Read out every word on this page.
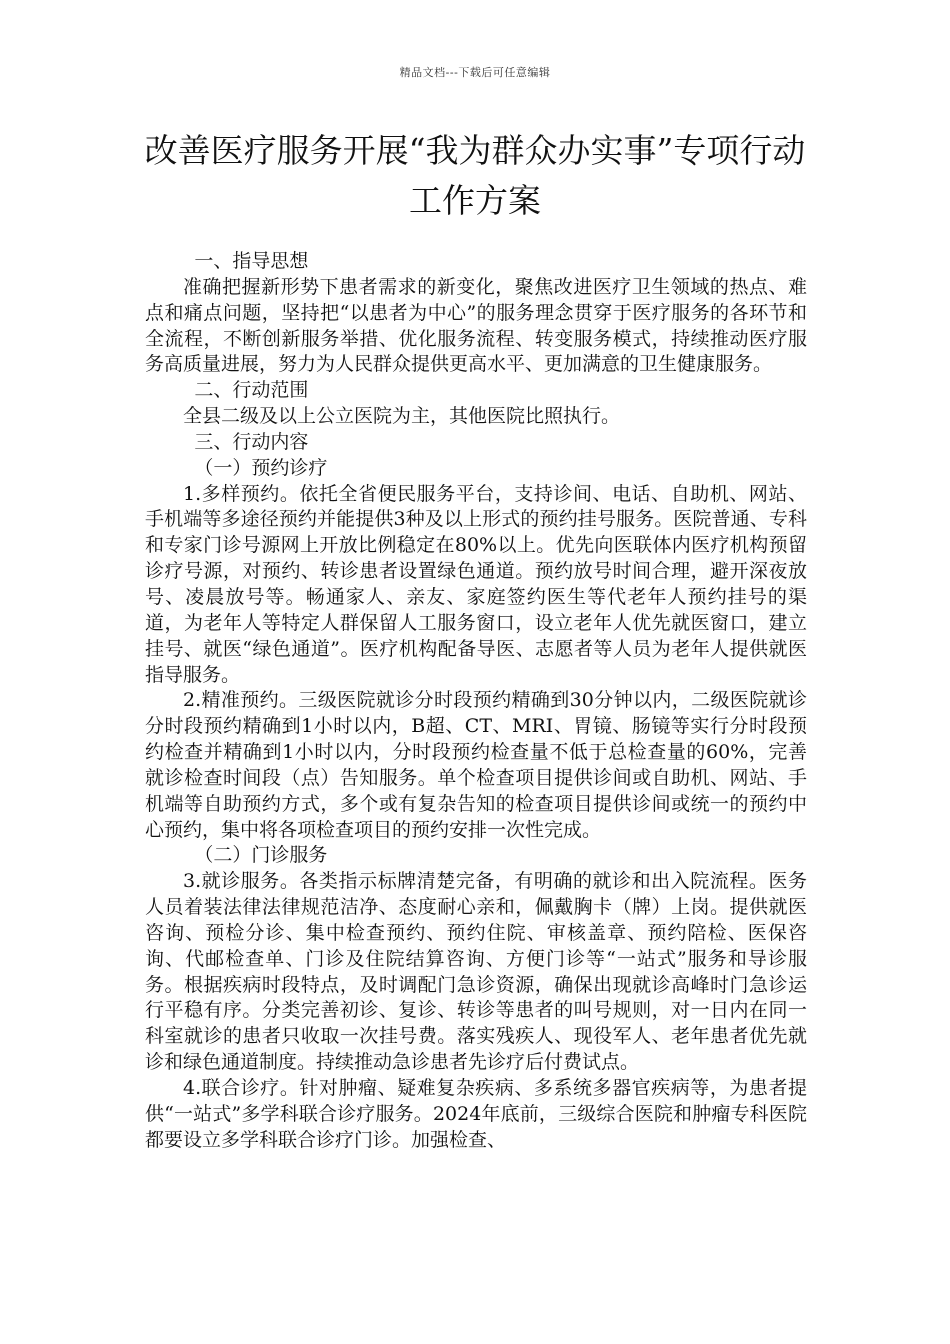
精品文档---下载后可任意编辑
改善医疗服务开展“我为群众办实事”专项行动工作方案

一、指导思想

准确把握新形势下患者需求的新变化，聚焦改进医疗卫生领域的热点、难点和痛点问题，坚持把“以患者为中心”的服务理念贯穿于医疗服务的各环节和全流程，不断创新服务举措、优化服务流程、转变服务模式，持续推动医疗服务高质量进展，努力为人民群众提供更高水平、更加满意的卫生健康服务。

二、行动范围

全县二级及以上公立医院为主，其他医院比照执行。

三、行动内容

（一）预约诊疗

1.多样预约。依托全省便民服务平台，支持诊间、电话、自助机、网站、手机端等多途径预约并能提供3种及以上形式的预约挂号服务。医院普通、专科和专家门诊号源网上开放比例稳定在80%以上。优先向医联体内医疗机构预留诊疗号源，对预约、转诊患者设置绿色通道。预约放号时间合理，避开深夜放号、凌晨放号等。畅通家人、亲友、家庭签约医生等代老年人预约挂号的渠道，为老年人等特定人群保留人工服务窗口，设立老年人优先就医窗口，建立挂号、就医“绿色通道”。医疗机构配备导医、志愿者等人员为老年人提供就医指导服务。

2.精准预约。三级医院就诊分时段预约精确到30分钟以内，二级医院就诊分时段预约精确到1小时以内，B超、CT、MRI、胃镜、肠镜等实行分时段预约检查并精确到1小时以内，分时段预约检查量不低于总检查量的60%，完善就诊检查时间段（点）告知服务。单个检查项目提供诊间或自助机、网站、手机端等自助预约方式，多个或有复杂告知的检查项目提供诊间或统一的预约中心预约，集中将各项检查项目的预约安排一次性完成。

（二）门诊服务

3.就诊服务。各类指示标牌清楚完备，有明确的就诊和出入院流程。医务人员着装法律法律规范洁净、态度耐心亲和，佩戴胸卡（牌）上岗。提供就医咨询、预检分诊、集中检查预约、预约住院、审核盖章、预约陪检、医保咨询、代邮检查单、门诊及住院结算咨询、方便门诊等“一站式”服务和导诊服务。根据疾病时段特点，及时调配门急诊资源，确保出现就诊高峰时门急诊运行平稳有序。分类完善初诊、复诊、转诊等患者的叫号规则，对一日内在同一科室就诊的患者只收取一次挂号费。落实残疾人、现役军人、老年患者优先就诊和绿色通道制度。持续推动急诊患者先诊疗后付费试点。

4.联合诊疗。针对肿瘤、疑难复杂疾病、多系统多器官疾病等，为患者提供“一站式”多学科联合诊疗服务。2024年底前，三级综合医院和肿瘤专科医院都要设立多学科联合诊疗门诊。加强检查、
